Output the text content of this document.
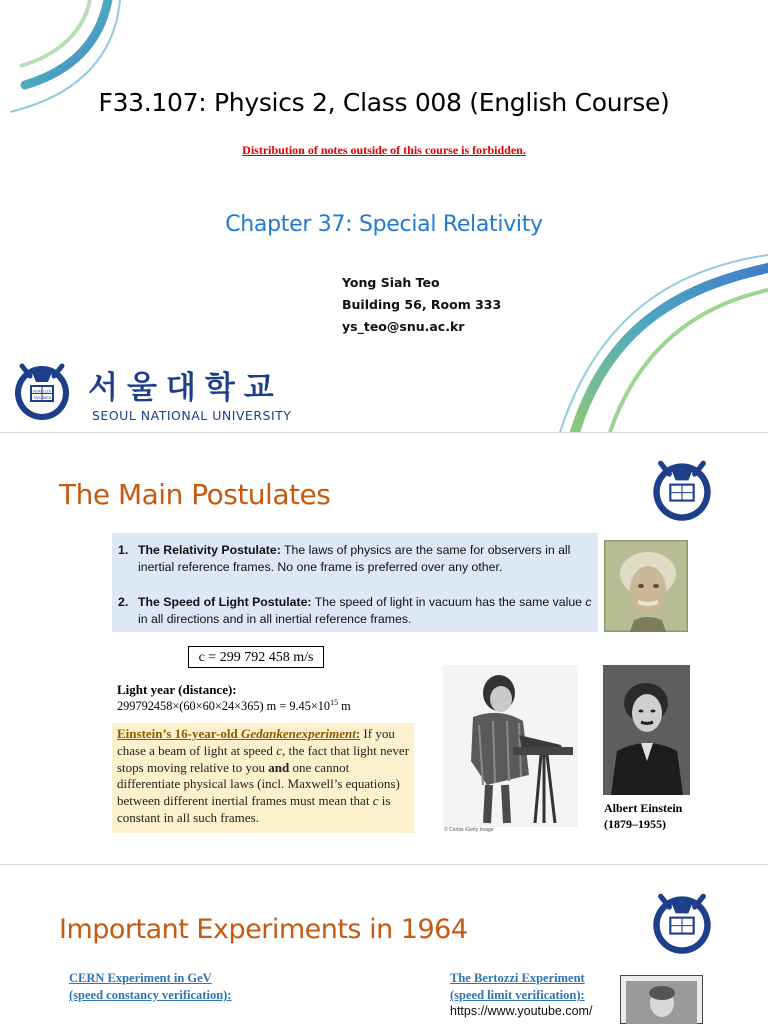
F33.107: Physics 2, Class 008 (English Course)
Distribution of notes outside of this course is forbidden.
Chapter 37: Special Relativity
Yong Siah Teo
Building 56, Room 333
ys_teo@snu.ac.kr
VERI LUX
TAS MEA 서울대학교
SEOUL NATIONAL UNIVERSITY
The Main Postulates
1. The Relativity Postulate: The laws of physics are the same for observers in all inertial reference frames. No one frame is preferred over any other.
2. The Speed of Light Postulate: The speed of light in vacuum has the same value c in all directions and in all inertial reference frames.
c = 299 792 458 m/s
Light year (distance):
299792458×(60×60×24×365) $m = 9.45\times 10^{15}$ m
Einstein’s 16-year-old Gedankenexperiment: If you chase a beam of light at speed c, the fact that light never stops moving relative to you and one cannot differentiate physical laws (incl. Maxwell’s equations) between different inertial frames must mean that c is constant in all such frames.
© Corbis /Getty Image
Albert Einstein
(1879–1955)
Important Experiments in 1964
CERN Experiment in GeV
(speed constancy verification):
The Bertozzi Experiment
(speed limit verification):
https://www.youtube.com/
